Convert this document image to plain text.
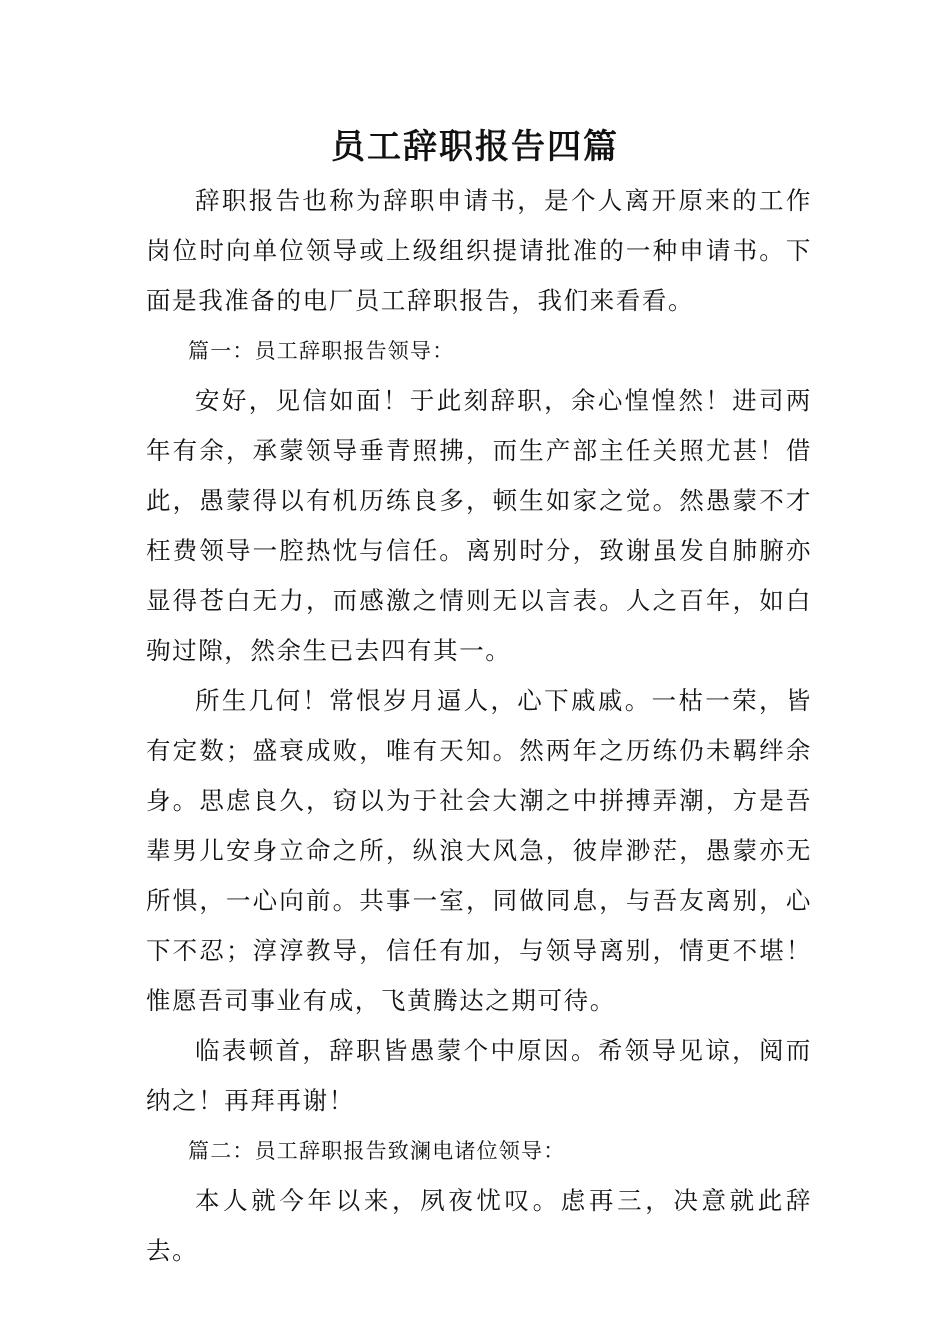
员工辞职报告四篇

辞职报告也称为辞职申请书，是个人离开原来的工作岗位时向单位领导或上级组织提请批准的一种申请书。下面是我准备的电厂员工辞职报告，我们来看看。

篇一：员工辞职报告领导：

安好，见信如面！于此刻辞职，余心惶惶然！进司两年有余，承蒙领导垂青照拂，而生产部主任关照尤甚！借此，愚蒙得以有机历练良多，顿生如家之觉。然愚蒙不才枉费领导一腔热忱与信任。离别时分，致谢虽发自肺腑亦显得苍白无力，而感激之情则无以言表。人之百年，如白驹过隙，然余生已去四有其一。

所生几何！常恨岁月逼人，心下戚戚。一枯一荣，皆有定数；盛衰成败，唯有天知。然两年之历练仍未羁绊余身。思虑良久，窃以为于社会大潮之中拼搏弄潮，方是吾辈男儿安身立命之所，纵浪大风急，彼岸渺茫，愚蒙亦无所惧，一心向前。共事一室，同做同息，与吾友离别，心下不忍；淳淳教导，信任有加，与领导离别，情更不堪！惟愿吾司事业有成，飞黄腾达之期可待。

临表顿首，辞职皆愚蒙个中原因。希领导见谅，阅而纳之！再拜再谢！

篇二：员工辞职报告致澜电诸位领导：

本人就今年以来，夙夜忧叹。虑再三，决意就此辞去。
